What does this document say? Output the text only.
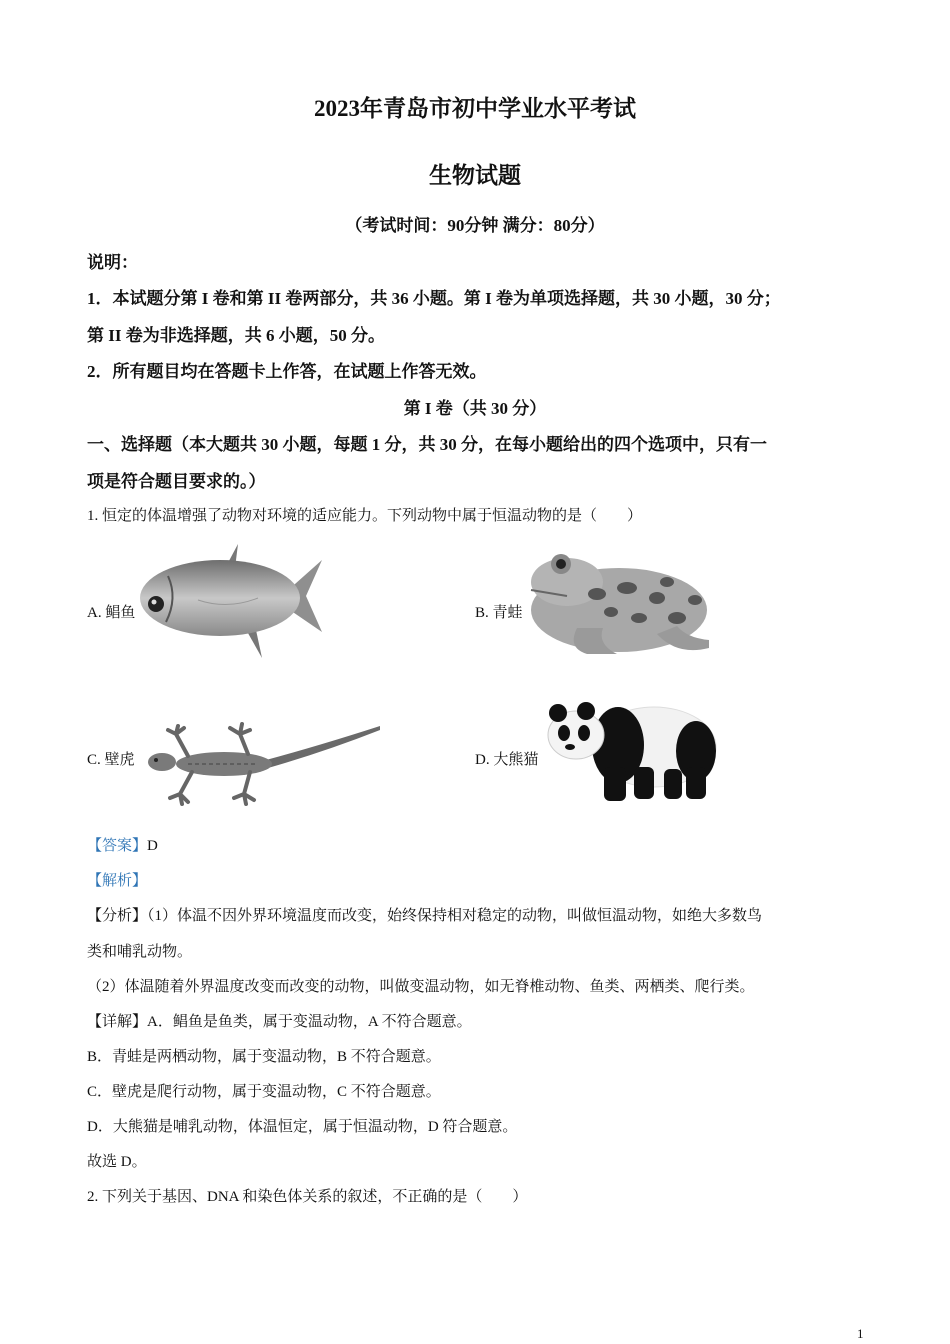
2023年青岛市初中学业水平考试
生物试题
（考试时间：90分钟 满分：80分）
说明：
1．本试题分第 I 卷和第 II 卷两部分，共 36 小题。第 I 卷为单项选择题，共 30 小题，30 分；
第 II 卷为非选择题，共 6 小题，50 分。
2．所有题目均在答题卡上作答，在试题上作答无效。
第 I 卷（共 30 分）
一、选择题（本大题共 30 小题，每题 1 分，共 30 分，在每小题给出的四个选项中，只有一
项是符合题目要求的。）
1. 恒定的体温增强了动物对环境的适应能力。下列动物中属于恒温动物的是（　　）
A. 鲳鱼	B. 青蛙
C. 壁虎	D. 大熊猫
【答案】D
【解析】
【分析】（1）体温不因外界环境温度而改变，始终保持相对稳定的动物，叫做恒温动物，如绝大多数鸟
类和哺乳动物。
（2）体温随着外界温度改变而改变的动物，叫做变温动物，如无脊椎动物、鱼类、两栖类、爬行类。
【详解】A．鲳鱼是鱼类，属于变温动物，A 不符合题意。
B．青蛙是两栖动物，属于变温动物，B 不符合题意。
C．壁虎是爬行动物，属于变温动物，C 不符合题意。
D．大熊猫是哺乳动物，体温恒定，属于恒温动物，D 符合题意。
故选 D。
2. 下列关于基因、DNA 和染色体关系的叙述，不正确的是（　　）
1
